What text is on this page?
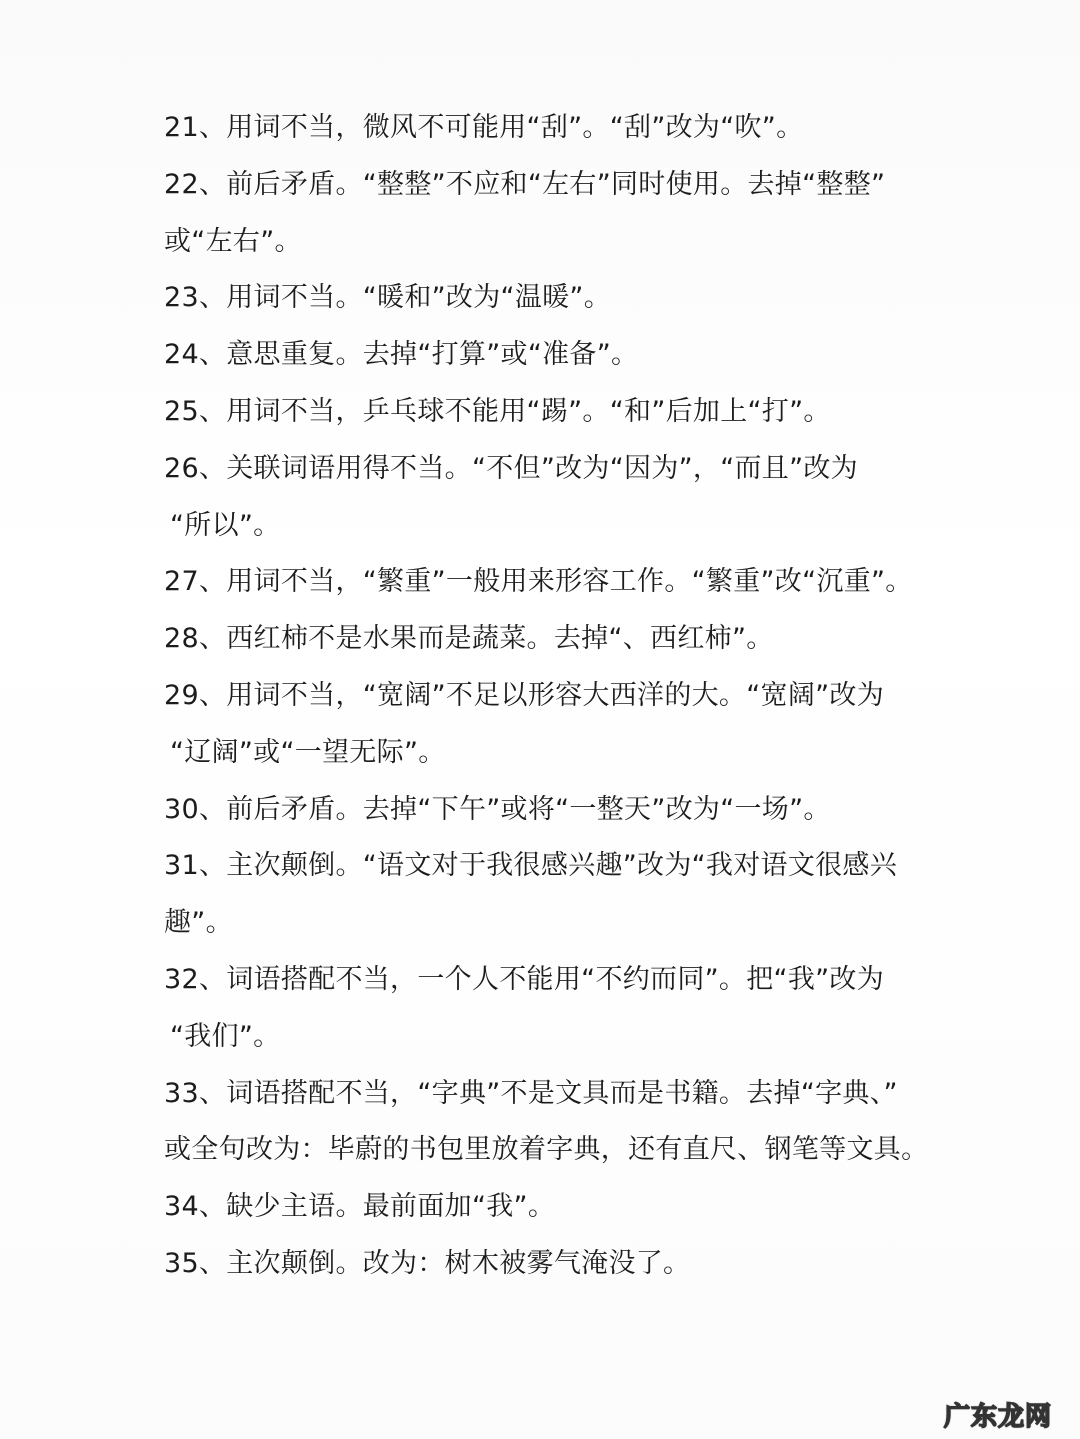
21、用词不当，微风不可能用“刮”。“刮”改为“吹”。
22、前后矛盾。“整整”不应和“左右”同时使用。去掉“整整”
或“左右”。
23、用词不当。“暖和”改为“温暖”。
24、意思重复。去掉“打算”或“准备”。
25、用词不当，乒乓球不能用“踢”。“和”后加上“打”。
26、关联词语用得不当。“不但”改为“因为”，“而且”改为
“所以”。
27、用词不当，“繁重”一般用来形容工作。“繁重”改“沉重”。
28、西红柿不是水果而是蔬菜。去掉“、西红柿”。
29、用词不当，“宽阔”不足以形容大西洋的大。“宽阔”改为
“辽阔”或“一望无际”。
30、前后矛盾。去掉“下午”或将“一整天”改为“一场”。
31、主次颠倒。“语文对于我很感兴趣”改为“我对语文很感兴
趣”。
32、词语搭配不当，一个人不能用“不约而同”。把“我”改为
“我们”。
33、词语搭配不当，“字典”不是文具而是书籍。去掉“字典、”
或全句改为：毕蔚的书包里放着字典，还有直尺、钢笔等文具。
34、缺少主语。最前面加“我”。
35、主次颠倒。改为：树木被雾气淹没了。
广东龙网
